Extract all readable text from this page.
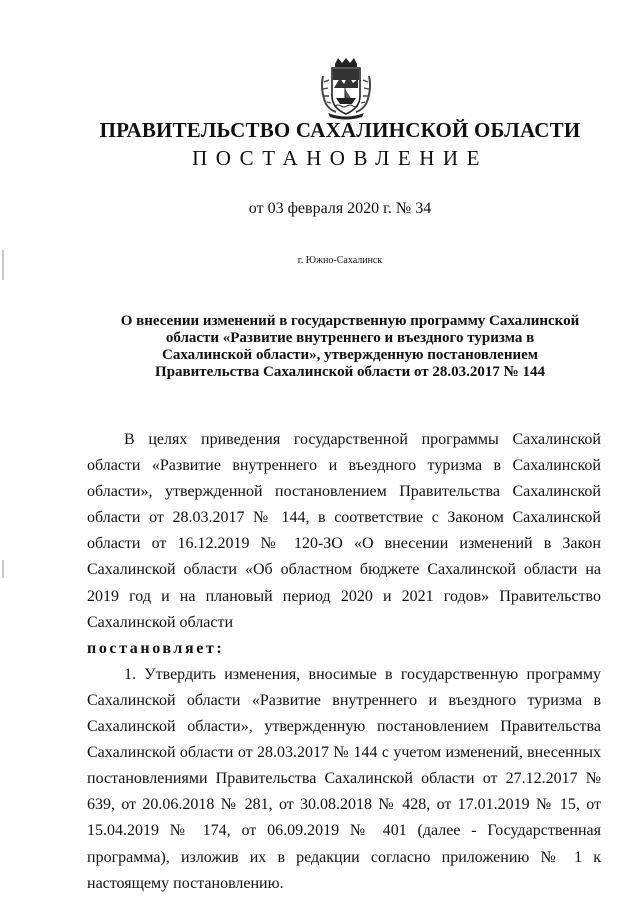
ПРАВИТЕЛЬСТВО САХАЛИНСКОЙ ОБЛАСТИ
ПОСТАНОВЛЕНИЕ
от 03 февраля 2020 г. № 34
г. Южно-Сахалинск
О внесении изменений в государственную программу Сахалинской области «Развитие внутреннего и въездного туризма в Сахалинской области», утвержденную постановлением Правительства Сахалинской области от 28.03.2017 № 144

В целях приведения государственной программы Сахалинской области «Развитие внутреннего и въездного туризма в Сахалинской области», утвержденной постановлением Правительства Сахалинской области от 28.03.2017 № 144, в соответствие с Законом Сахалинской области от 16.12.2019 № 120-ЗО «О внесении изменений в Закон Сахалинской области «Об областном бюджете Сахалинской области на 2019 год и на плановый период 2020 и 2021 годов» Правительство Сахалинской области

постановляет:

1. Утвердить изменения, вносимые в государственную программу Сахалинской области «Развитие внутреннего и въездного туризма в Сахалинской области», утвержденную постановлением Правительства Сахалинской области от 28.03.2017 № 144 с учетом изменений, внесенных постановлениями Правительства Сахалинской области от 27.12.2017 № 639, от 20.06.2018 № 281, от 30.08.2018 № 428, от 17.01.2019 № 15, от 15.04.2019 № 174, от 06.09.2019 № 401 (далее - Государственная программа), изложив их в редакции согласно приложению № 1 к настоящему постановлению.
